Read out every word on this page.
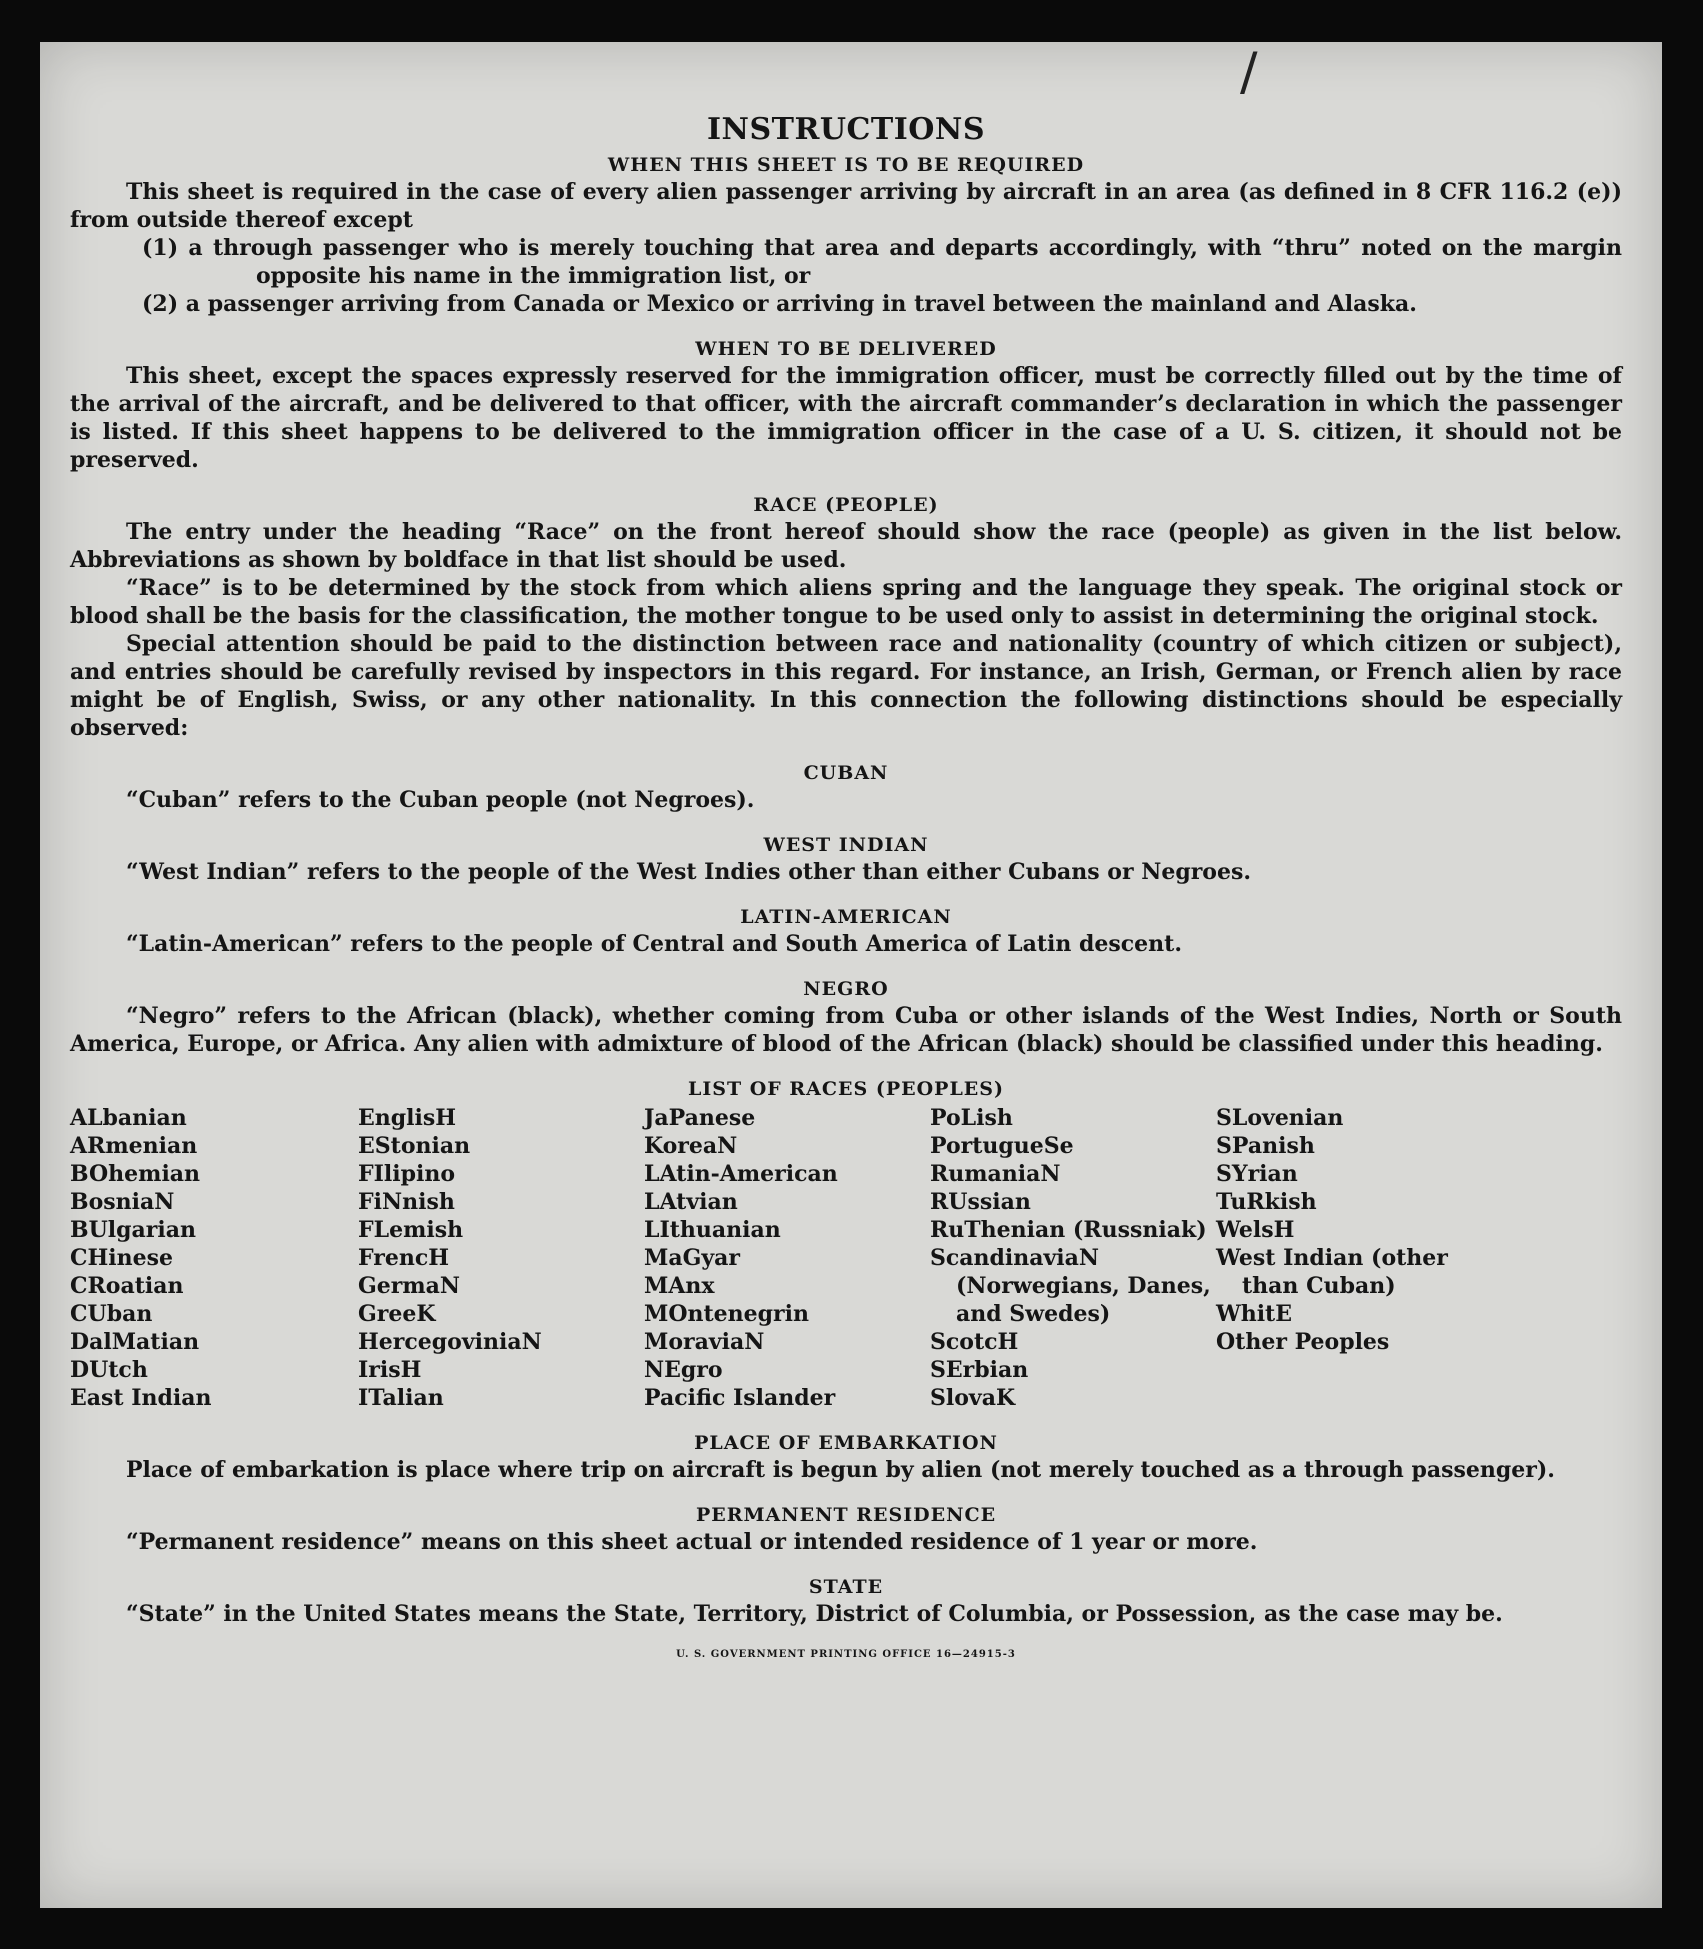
/
INSTRUCTIONS
WHEN THIS SHEET IS TO BE REQUIRED

This sheet is required in the case of every alien passenger arriving by aircraft in an area (as defined in 8 CFR 116.2 (e)) from outside thereof except

(1) a through passenger who is merely touching that area and departs accordingly, with “thru” noted on the margin opposite his name in the immigration list, or

(2) a passenger arriving from Canada or Mexico or arriving in travel between the mainland and Alaska.

WHEN TO BE DELIVERED

This sheet, except the spaces expressly reserved for the immigration officer, must be correctly filled out by the time of the arrival of the aircraft, and be delivered to that officer, with the aircraft commander’s declaration in which the passenger is listed. If this sheet happens to be delivered to the immigration officer in the case of a U. S. citizen, it should not be preserved.

RACE (PEOPLE)

The entry under the heading “Race” on the front hereof should show the race (people) as given in the list below. Abbreviations as shown by boldface in that list should be used.

“Race” is to be determined by the stock from which aliens spring and the language they speak. The original stock or blood shall be the basis for the classification, the mother tongue to be used only to assist in determining the original stock.

Special attention should be paid to the distinction between race and nationality (country of which citizen or subject), and entries should be carefully revised by inspectors in this regard. For instance, an Irish, German, or French alien by race might be of English, Swiss, or any other nationality. In this connection the following distinctions should be especially observed:

CUBAN

“Cuban” refers to the Cuban people (not Negroes).

WEST INDIAN

“West Indian” refers to the people of the West Indies other than either Cubans or Negroes.

LATIN-AMERICAN

“Latin-American” refers to the people of Central and South America of Latin descent.

NEGRO

“Negro” refers to the African (black), whether coming from Cuba or other islands of the West Indies, North or South America, Europe, or Africa. Any alien with admixture of blood of the African (black) should be classified under this heading.

LIST OF RACES (PEOPLES)
ALbanian
ARmenian
BOhemian
BosniaN
BUlgarian
CHinese
CRoatian
CUban
DalMatian
DUtch
East Indian
EnglisH
EStonian
FIlipino
FiNnish
FLemish
FrencH
GermaN
GreeK
HercegoviniaN
IrisH
ITalian
JaPanese
KoreaN
LAtin-American
LAtvian
LIthuanian
MaGyar
MAnx
MOntenegrin
MoraviaN
NEgro
Pacific Islander
PoLish
PortugueSe
RumaniaN
RUssian
RuThenian (Russniak)
ScandinaviaN (Norwegians, Danes, and Swedes)
ScotcH
SErbian
SlovaK
SLovenian
SPanish
SYrian
TuRkish
WelsH
West Indian (other than Cuban)
WhitE
Other Peoples
PLACE OF EMBARKATION

Place of embarkation is place where trip on aircraft is begun by alien (not merely touched as a through passenger).

PERMANENT RESIDENCE

“Permanent residence” means on this sheet actual or intended residence of 1 year or more.

STATE

“State” in the United States means the State, Territory, District of Columbia, or Possession, as the case may be.

U. S. GOVERNMENT PRINTING OFFICE 16—24915-3
